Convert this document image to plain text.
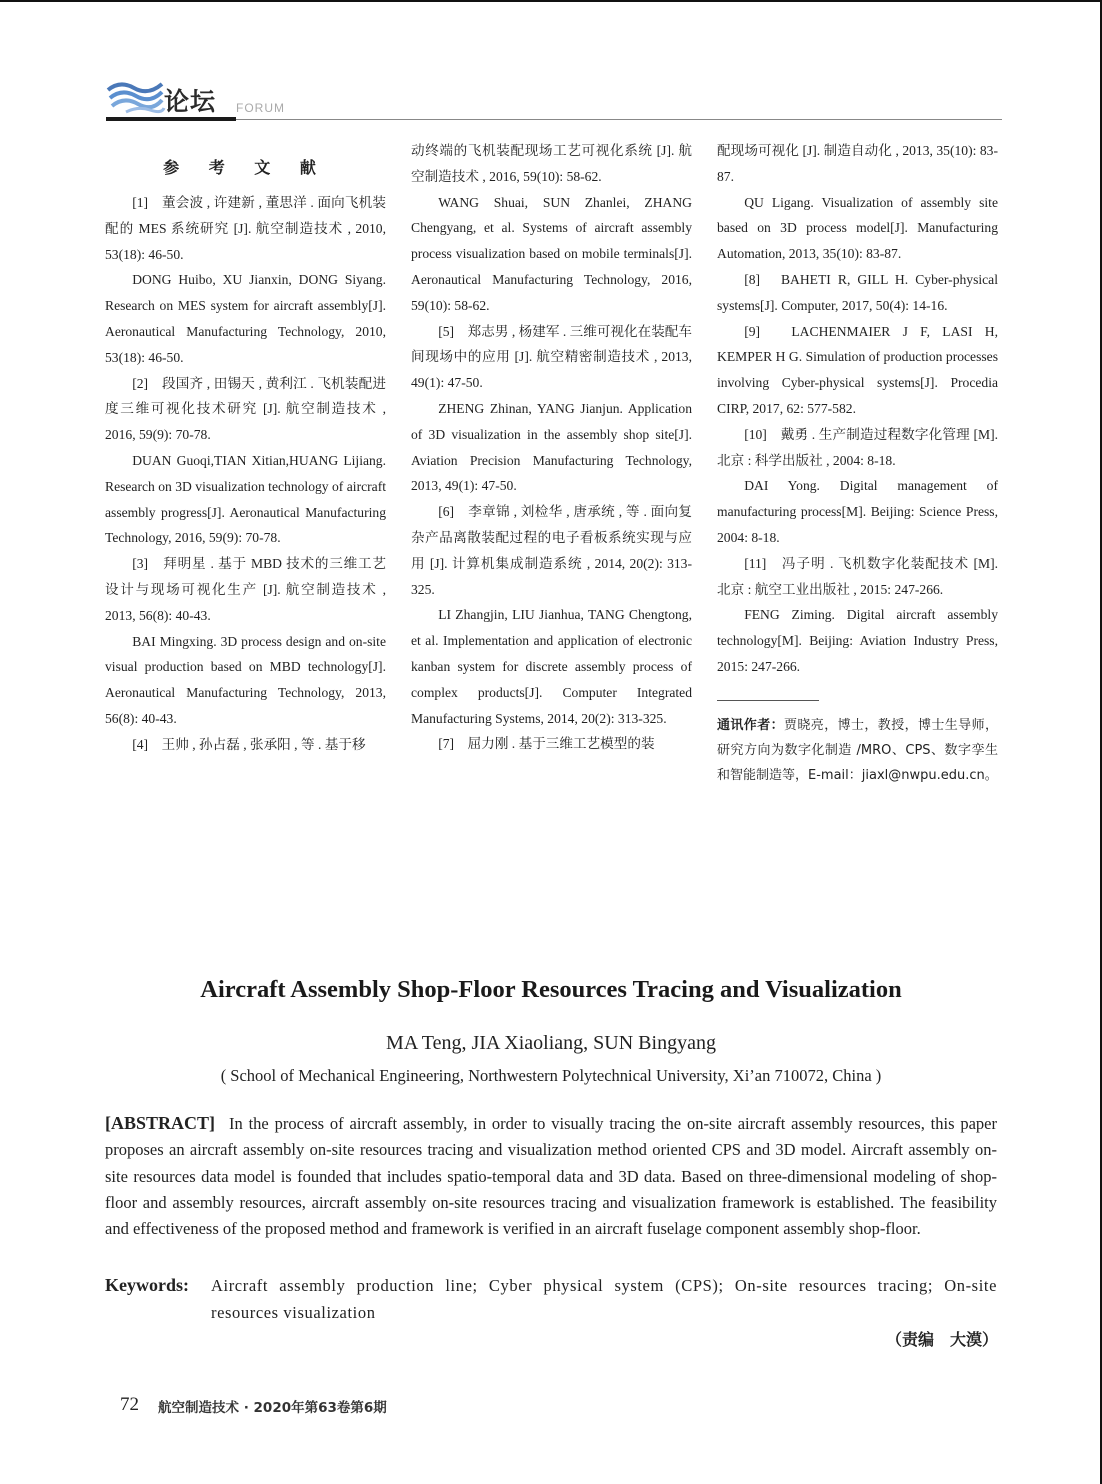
论坛 FORUM
参 考 文 献

[1]　董会波 , 许建新 , 董思洋 . 面向飞机装配的 MES 系统研究 [J]. 航空制造技术 , 2010, 53(18): 46-50.

DONG Huibo, XU Jianxin, DONG Siyang. Research on MES system for aircraft assembly[J]. Aeronautical Manufacturing Technology, 2010, 53(18): 46-50.

[2]　段国齐 , 田锡天 , 黄利江 . 飞机装配进度三维可视化技术研究 [J]. 航空制造技术 , 2016, 59(9): 70-78.

DUAN Guoqi,TIAN Xitian,HUANG Lijiang. Research on 3D visualization technology of aircraft assembly progress[J]. Aeronautical Manufacturing Technology, 2016, 59(9): 70-78.

[3]　拜明星 . 基于 MBD 技术的三维工艺设计与现场可视化生产 [J]. 航空制造技术 , 2013, 56(8): 40-43.

BAI Mingxing. 3D process design and on-site visual production based on MBD technology[J]. Aeronautical Manufacturing Technology, 2013, 56(8): 40-43.

[4]　王帅 , 孙占磊 , 张承阳 , 等 . 基于移

动终端的飞机装配现场工艺可视化系统 [J]. 航空制造技术 , 2016, 59(10): 58-62.

WANG Shuai, SUN Zhanlei, ZHANG Chengyang, et al. Systems of aircraft assembly process visualization based on mobile terminals[J]. Aeronautical Manufacturing Technology, 2016, 59(10): 58-62.

[5]　郑志男 , 杨建军 . 三维可视化在装配车间现场中的应用 [J]. 航空精密制造技术 , 2013, 49(1): 47-50.

ZHENG Zhinan, YANG Jianjun. Application of 3D visualization in the assembly shop site[J]. Aviation Precision Manufacturing Technology, 2013, 49(1): 47-50.

[6]　李章锦 , 刘检华 , 唐承统 , 等 . 面向复杂产品离散装配过程的电子看板系统实现与应用 [J]. 计算机集成制造系统 , 2014, 20(2): 313-325.

LI Zhangjin, LIU Jianhua, TANG Chengtong, et al. Implementation and application of electronic kanban system for discrete assembly process of complex products[J]. Computer Integrated Manufacturing Systems, 2014, 20(2): 313-325.

[7]　屈力刚 . 基于三维工艺模型的装

配现场可视化 [J]. 制造自动化 , 2013, 35(10): 83-87.

QU Ligang. Visualization of assembly site based on 3D process model[J]. Manufacturing Automation, 2013, 35(10): 83-87.

[8]　BAHETI R, GILL H. Cyber-physical systems[J]. Computer, 2017, 50(4): 14-16.

[9]　LACHENMAIER J F, LASI H, KEMPER H G. Simulation of production processes involving Cyber-physical systems[J]. Procedia CIRP, 2017, 62: 577-582.

[10]　戴勇 . 生产制造过程数字化管理 [M]. 北京 : 科学出版社 , 2004: 8-18.

DAI Yong. Digital management of manufacturing process[M]. Beijing: Science Press, 2004: 8-18.

[11]　冯子明 . 飞机数字化装配技术 [M]. 北京 : 航空工业出版社 , 2015: 247-266.

FENG Ziming. Digital aircraft assembly technology[M]. Beijing: Aviation Industry Press, 2015: 247-266.

通讯作者：贾晓亮，博士，教授，博士生导师，研究方向为数字化制造 /MRO、CPS、数字孪生和智能制造等，E-mail：jiaxl@nwpu.edu.cn。

Aircraft Assembly Shop-Floor Resources Tracing and Visualization
MA Teng, JIA Xiaoliang, SUN Bingyang
( School of Mechanical Engineering, Northwestern Polytechnical University, Xi’an 710072, China )

[ABSTRACT] In the process of aircraft assembly, in order to visually tracing the on-site aircraft assembly resources, this paper proposes an aircraft assembly on-site resources tracing and visualization method oriented CPS and 3D model. Aircraft assembly on-site resources data model is founded that includes spatio-temporal data and 3D data. Based on three-dimensional modeling of shop-floor and assembly resources, aircraft assembly on-site resources tracing and visualization framework is established. The feasibility and effectiveness of the proposed method and framework is verified in an aircraft fuselage component assembly shop-floor.

Keywords: Aircraft assembly production line; Cyber physical system (CPS); On-site resources tracing; On-site resources visualization
（责编　大漠）
72 航空制造技术 · 2020年第63卷第6期
